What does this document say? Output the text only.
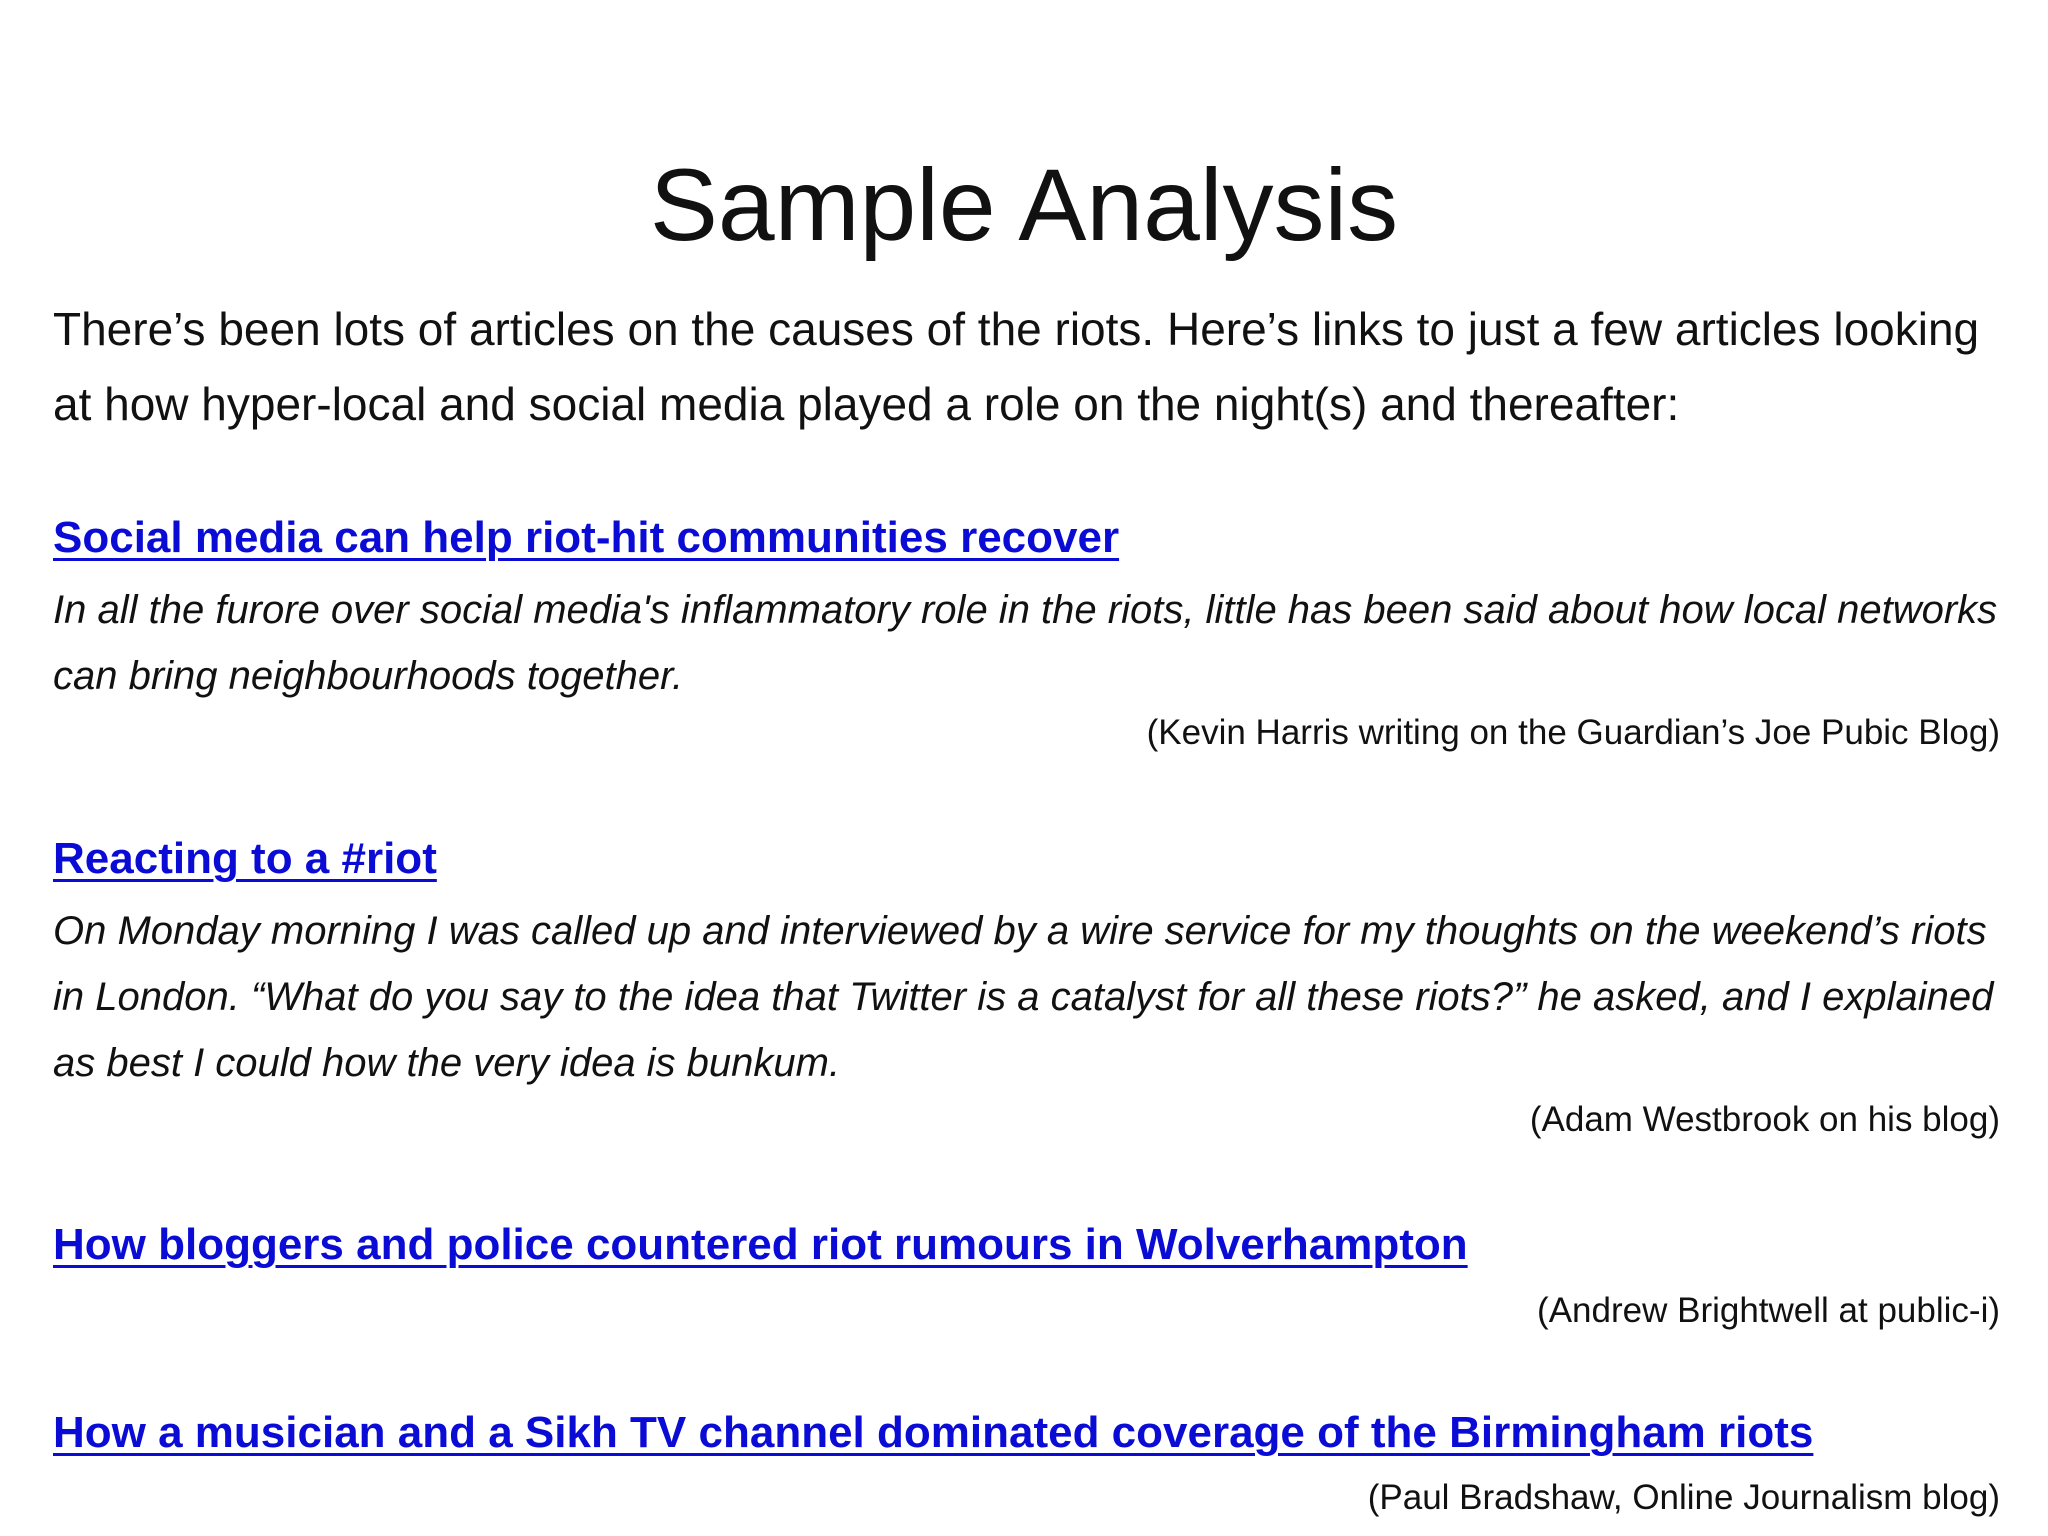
Sample Analysis

There’s been lots of articles on the causes of the riots. Here’s links to just a few articles looking at how hyper-local and social media played a role on the night(s) and thereafter:

Social media can help riot-hit communities recover

In all the furore over social media's inflammatory role in the riots, little has been said about how local networks can bring neighbourhoods together.

(Kevin Harris writing on the Guardian’s Joe Pubic Blog)
Reacting to a #riot

On Monday morning I was called up and interviewed by a wire service for my thoughts on the weekend’s riots in London. “What do you say to the idea that Twitter is a catalyst for all these riots?” he asked, and I explained as best I could how the very idea is bunkum.

(Adam Westbrook on his blog)
How bloggers and police countered riot rumours in Wolverhampton
(Andrew Brightwell at public-i)
How a musician and a Sikh TV channel dominated coverage of the Birmingham riots
(Paul Bradshaw, Online Journalism blog)
